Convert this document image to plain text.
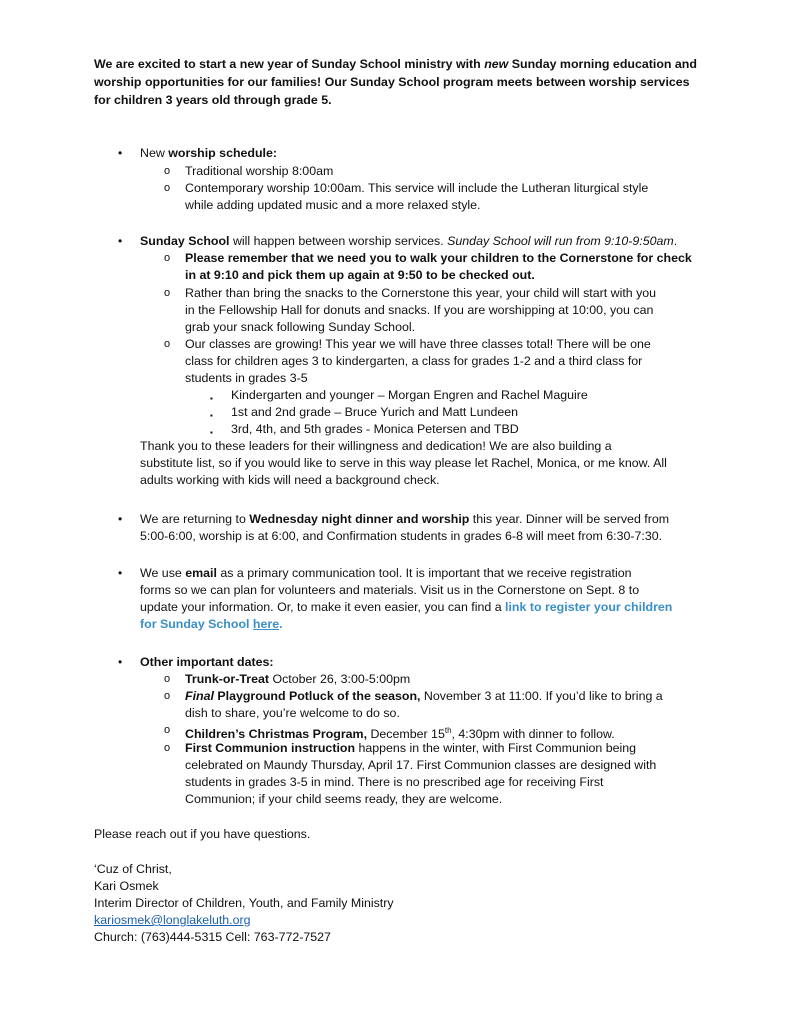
We are excited to start a new year of Sunday School ministry with new Sunday morning education and
worship opportunities for our families! Our Sunday School program meets between worship services
for children 3 years old through grade 5.
• New worship schedule:
o Traditional worship 8:00am
o Contemporary worship 10:00am. This service will include the Lutheran liturgical style
while adding updated music and a more relaxed style.
• Sunday School will happen between worship services. Sunday School will run from 9:10-9:50am.
o Please remember that we need you to walk your children to the Cornerstone for check
in at 9:10 and pick them up again at 9:50 to be checked out.
o Rather than bring the snacks to the Cornerstone this year, your child will start with you
in the Fellowship Hall for donuts and snacks. If you are worshipping at 10:00, you can
grab your snack following Sunday School.
o Our classes are growing! This year we will have three classes total! There will be one
class for children ages 3 to kindergarten, a class for grades 1-2 and a third class for
students in grades 3-5
▪ Kindergarten and younger – Morgan Engren and Rachel Maguire
▪ 1st and 2nd grade – Bruce Yurich and Matt Lundeen
▪ 3rd, 4th, and 5th grades - Monica Petersen and TBD
Thank you to these leaders for their willingness and dedication! We are also building a
substitute list, so if you would like to serve in this way please let Rachel, Monica, or me know. All
adults working with kids will need a background check.
• We are returning to Wednesday night dinner and worship this year. Dinner will be served from
5:00-6:00, worship is at 6:00, and Confirmation students in grades 6-8 will meet from 6:30-7:30.
• We use email as a primary communication tool. It is important that we receive registration
forms so we can plan for volunteers and materials. Visit us in the Cornerstone on Sept. 8 to
update your information. Or, to make it even easier, you can find a link to register your children
for Sunday School here.
• Other important dates:
o Trunk-or-Treat October 26, 3:00-5:00pm
o Final Playground Potluck of the season, November 3 at 11:00. If you’d like to bring a
dish to share, you’re welcome to do so.
o Children’s Christmas Program, December 15th, 4:30pm with dinner to follow.
o First Communion instruction happens in the winter, with First Communion being
celebrated on Maundy Thursday, April 17. First Communion classes are designed with
students in grades 3-5 in mind. There is no prescribed age for receiving First
Communion; if your child seems ready, they are welcome.
Please reach out if you have questions.
‘Cuz of Christ,
Kari Osmek
Interim Director of Children, Youth, and Family Ministry
kariosmek@longlakeluth.org
Church: (763)444-5315 Cell: 763-772-7527
